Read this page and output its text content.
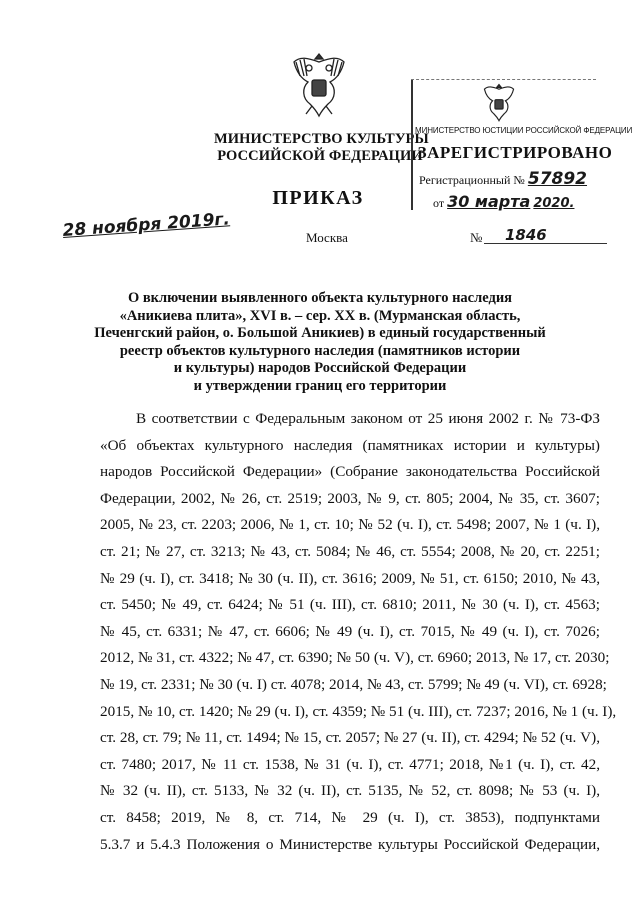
МИНИСТЕРСТВО КУЛЬТУРЫ
РОССИЙСКОЙ ФЕДЕРАЦИИ
МИНИСТЕРСТВО ЮСТИЦИИ РОССИЙСКОЙ ФЕДЕРАЦИИ
ЗАРЕГИСТРИРОВАНО
Регистрационный № 57892
от 30 марта 2020.
ПРИКАЗ
28 ноября 2019г.	Москва	№ 1846
О включении выявленного объекта культурного наследия
«Аникиева плита», XVI в. – сер. XX в. (Мурманская область,
Печенгский район, о. Большой Аникиев) в единый государственный
реестр объектов культурного наследия (памятников истории
и культуры) народов Российской Федерации
и утверждении границ его территории
В соответствии с Федеральным законом от 25 июня 2002 г. № 73-ФЗ
«Об объектах культурного наследия (памятниках истории и культуры)
народов Российской Федерации» (Собрание законодательства Российской
Федерации, 2002, № 26, ст. 2519; 2003, № 9, ст. 805; 2004, № 35, ст. 3607;
2005, № 23, ст. 2203; 2006, № 1, ст. 10; № 52 (ч. I), ст. 5498; 2007, № 1 (ч. I),
ст. 21; № 27, ст. 3213; № 43, ст. 5084; № 46, ст. 5554; 2008, № 20, ст. 2251;
№ 29 (ч. I), ст. 3418; № 30 (ч. II), ст. 3616; 2009, № 51, ст. 6150; 2010, № 43,
ст. 5450; № 49, ст. 6424; № 51 (ч. III), ст. 6810; 2011, № 30 (ч. I), ст. 4563;
№ 45, ст. 6331; № 47, ст. 6606; № 49 (ч. I), ст. 7015, № 49 (ч. I), ст. 7026;
2012, № 31, ст. 4322; № 47, ст. 6390; № 50 (ч. V), ст. 6960; 2013, № 17, ст. 2030;
№ 19, ст. 2331; № 30 (ч. I) ст. 4078; 2014, № 43, ст. 5799; № 49 (ч. VI), ст. 6928;
2015, № 10, ст. 1420; № 29 (ч. I), ст. 4359; № 51 (ч. III), ст. 7237; 2016, № 1 (ч. I),
ст. 28, ст. 79; № 11, ст. 1494; № 15, ст. 2057; № 27 (ч. II), ст. 4294; № 52 (ч. V),
ст. 7480; 2017, № 11 ст. 1538, № 31 (ч. I), ст. 4771; 2018, №1 (ч. I), ст. 42,
№ 32 (ч. II), ст. 5133, № 32 (ч. II), ст. 5135, № 52, ст. 8098; № 53 (ч. I),
ст. 8458; 2019, № 8, ст. 714, № 29 (ч. I), ст. 3853), подпунктами
5.3.7 и 5.4.3 Положения о Министерстве культуры Российской Федерации,
